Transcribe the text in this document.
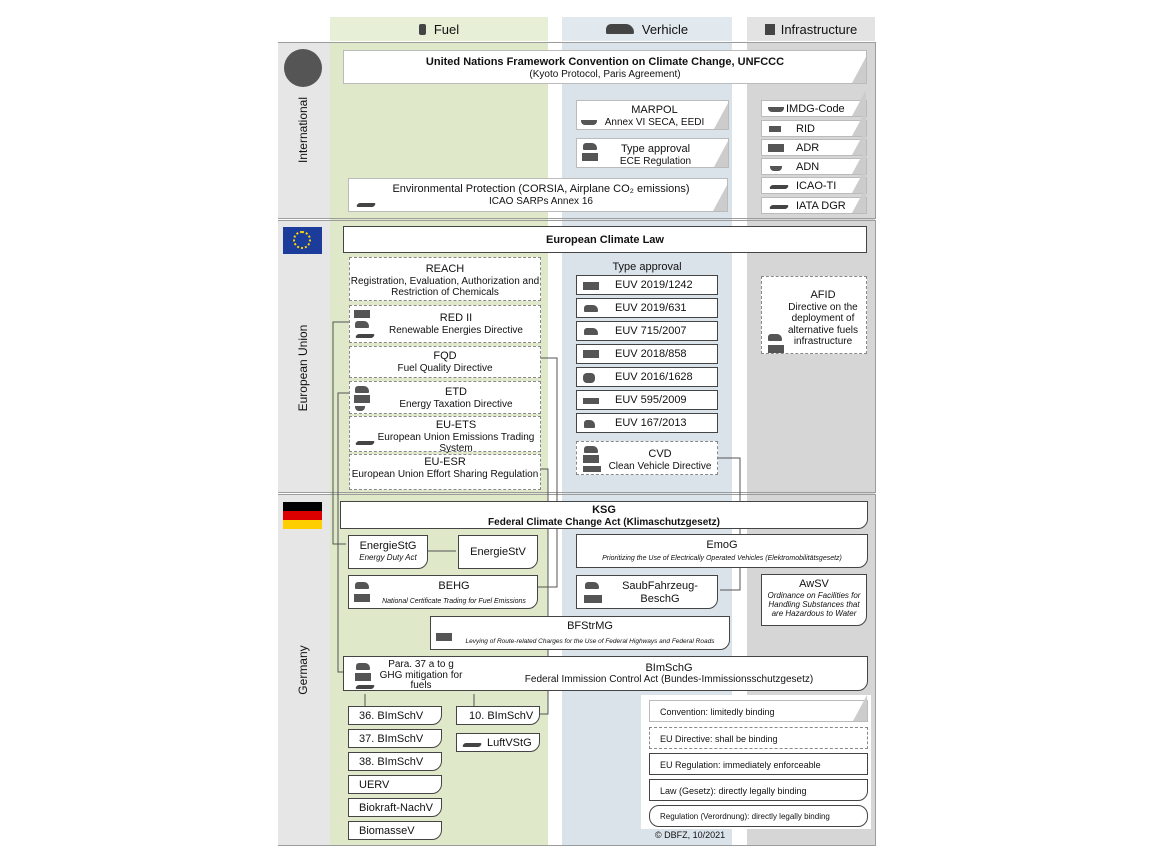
Fuel	Verhicle	Infrastructure
International
European Union
Germany
United Nations Framework Convention on Climate Change, UNFCCC
(Kyoto Protocol, Paris Agreement)
MARPOL
Annex VI SECA, EEDI
Type approval
ECE Regulation
Environmental Protection (CORSIA, Airplane CO₂ emissions)
ICAO SARPs Annex 16
IMDG-Code
RID
ADR
ADN
ICAO-TI
IATA DGR
European Climate Law
REACH
Registration, Evaluation, Authorization and Restriction of Chemicals
RED II
Renewable Energies Directive
FQD
Fuel Quality Directive
ETD
Energy Taxation Directive
EU-ETS
European Union Emissions Trading System
EU-ESR
European Union Effort Sharing Regulation
Type approval
EUV 2019/1242
EUV 2019/631
EUV 715/2007
EUV 2018/858
EUV 2016/1628
EUV 595/2009
EUV 167/2013
CVD
Clean Vehicle Directive
AFID
Directive on the deployment of alternative fuels infrastructure
KSG
Federal Climate Change Act (Klimaschutzgesetz)
EnergieStG
Energy Duty Act	EnergieStV
EmoG
Prioritizing the Use of Electrically Operated Vehicles (Elektromobilitätsgesetz)
BEHG
National Certificate Trading for Fuel Emissions
SaubFahrzeug-BeschG
AwSV
Ordinance on Facilities for Handling Substances that are Hazardous to Water
BFStrMG
Levying of Route-related Charges for the Use of Federal Highways and Federal Roads
Para. 37 a to g GHG mitigation for fuels
BImSchG
Federal Immission Control Act (Bundes-Immissionsschutzgesetz)
36. BImSchV
37. BImSchV
38. BImSchV
UERV
Biokraft-NachV
BiomasseV
10. BImSchV
LuftVStG
Convention: limitedly binding
EU Directive: shall be binding
EU Regulation: immediately enforceable
Law (Gesetz): directly legally binding
Regulation (Verordnung): directly legally binding
© DBFZ, 10/2021
